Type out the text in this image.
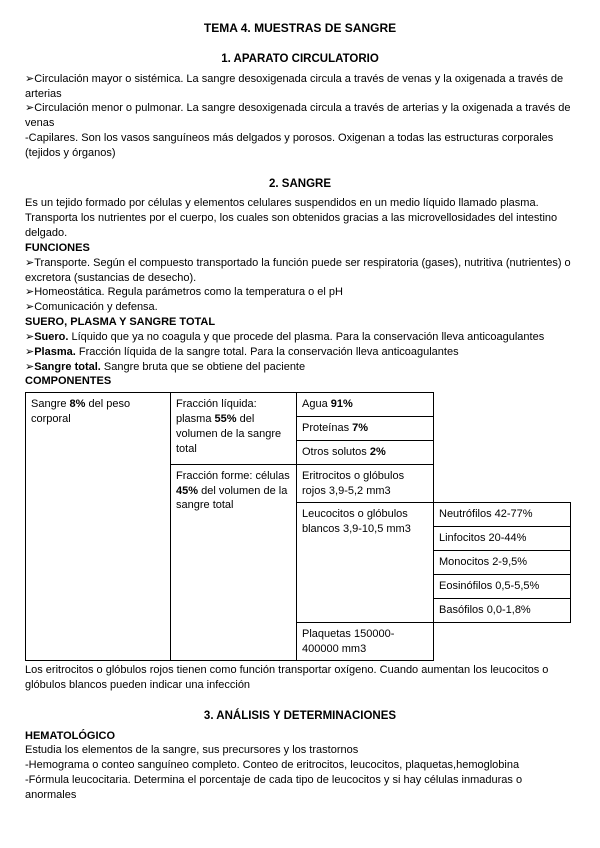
TEMA 4. MUESTRAS DE SANGRE
1. APARATO CIRCULATORIO

➢Circulación mayor o sistémica. La sangre desoxigenada circula a través de venas y la oxigenada a través de arterias

➢Circulación menor o pulmonar. La sangre desoxigenada circula a través de arterias y la oxigenada a través de venas

-Capilares. Son los vasos sanguíneos más delgados y porosos. Oxigenan a todas las estructuras corporales (tejidos y órganos)

2. SANGRE

Es un tejido formado por células y elementos celulares suspendidos en un medio líquido llamado plasma.

Transporta los nutrientes por el cuerpo, los cuales son obtenidos gracias a las microvellosidades del intestino delgado.

FUNCIONES

➢Transporte. Según el compuesto transportado la función puede ser respiratoria (gases), nutritiva (nutrientes) o excretora (sustancias de desecho).

➢Homeostática. Regula parámetros como la temperatura o el pH

➢Comunicación y defensa.

SUERO, PLASMA Y SANGRE TOTAL

➢Suero. Líquido que ya no coagula y que procede del plasma. Para la conservación lleva anticoagulantes

➢Plasma. Fracción líquida de la sangre total. Para la conservación lleva anticoagulantes

➢Sangre total. Sangre bruta que se obtiene del paciente

COMPONENTES

Sangre 8% del peso corporal	Fracción líquida: plasma 55% del volumen de la sangre total	Agua 91%	
		Proteínas 7%	
		Otros solutos 2%	
	Fracción forme: células 45% del volumen de la sangre total	Eritrocitos o glóbulos rojos 3,9-5,2 mm3	
		Leucocitos o glóbulos blancos 3,9-10,5 mm3	Neutrófilos 42-77%
			Linfocitos 20-44%
			Monocitos 2-9,5%
			Eosinófilos 0,5-5,5%
			Basófilos 0,0-1,8%
		Plaquetas 150000-400000 mm3	

Los eritrocitos o glóbulos rojos tienen como función transportar oxígeno. Cuando aumentan los leucocitos o glóbulos blancos pueden indicar una infección

3. ANÁLISIS Y DETERMINACIONES

HEMATOLÓGICO

Estudia los elementos de la sangre, sus precursores y los trastornos

-Hemograma o conteo sanguíneo completo. Conteo de eritrocitos, leucocitos, plaquetas,hemoglobina

-Fórmula leucocitaria. Determina el porcentaje de cada tipo de leucocitos y si hay células inmaduras o anormales
